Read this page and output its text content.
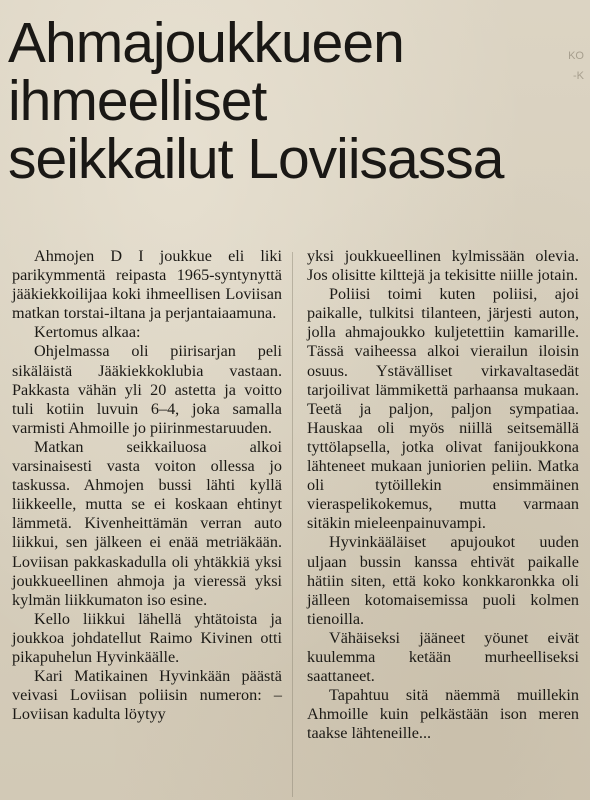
Ahmajoukkueen
ihmeelliset
seikkailut Loviisassa
KO
-K

Ahmojen D I joukkue eli liki parikymmentä reipasta 1965-syntynyttä jääkiekkoilijaa koki ihmeellisen Loviisan matkan torstai-iltana ja perjantaiaamuna.

Kertomus alkaa:

Ohjelmassa oli piirisarjan peli sikäläistä Jääkiekkoklubia vastaan. Pakkasta vähän yli 20 astetta ja voitto tuli kotiin luvuin 6–4, joka samalla varmisti Ahmoille jo piirinmestaruuden.

Matkan seikkailuosa alkoi varsinaisesti vasta voiton ollessa jo taskussa. Ahmojen bussi lähti kyllä liikkeelle, mutta se ei koskaan ehtinyt lämmetä. Kivenheittämän verran auto liikkui, sen jälkeen ei enää metriäkään. Loviisan pakkaskadulla oli yhtäkkiä yksi joukkueellinen ahmoja ja vieressä yksi kylmän liikkumaton iso esine.

Kello liikkui lähellä yhtätoista ja joukkoa johdatellut Raimo Kivinen otti pikapuhelun Hyvinkäälle.

Kari Matikainen Hyvinkään päästä veivasi Loviisan poliisin numeron: – Loviisan kadulta löytyy

yksi joukkueellinen kylmissään olevia. Jos olisitte kilttejä ja tekisitte niille jotain.

Poliisi toimi kuten poliisi, ajoi paikalle, tulkitsi tilanteen, järjesti auton, jolla ahmajoukko kuljetettiin kamarille. Tässä vaiheessa alkoi vierailun iloisin osuus. Ystävälliset virkavaltasedät tarjoilivat lämmikettä parhaansa mukaan. Teetä ja paljon, paljon sympatiaa. Hauskaa oli myös niillä seitsemällä tyttölapsella, jotka olivat fanijoukkona lähteneet mukaan juniorien peliin. Matka oli tytöillekin ensimmäinen vieraspelikokemus, mutta varmaan sitäkin mieleenpainuvampi.

Hyvinkääläiset apujoukot uuden uljaan bussin kanssa ehtivät paikalle hätiin siten, että koko konkkaronkka oli jälleen kotomaisemissa puoli kolmen tienoilla.

Vähäiseksi jääneet yöunet eivät kuulemma ketään murheelliseksi saattaneet.

Tapahtuu sitä näemmä muillekin Ahmoille kuin pelkästään ison meren taakse lähteneille...
